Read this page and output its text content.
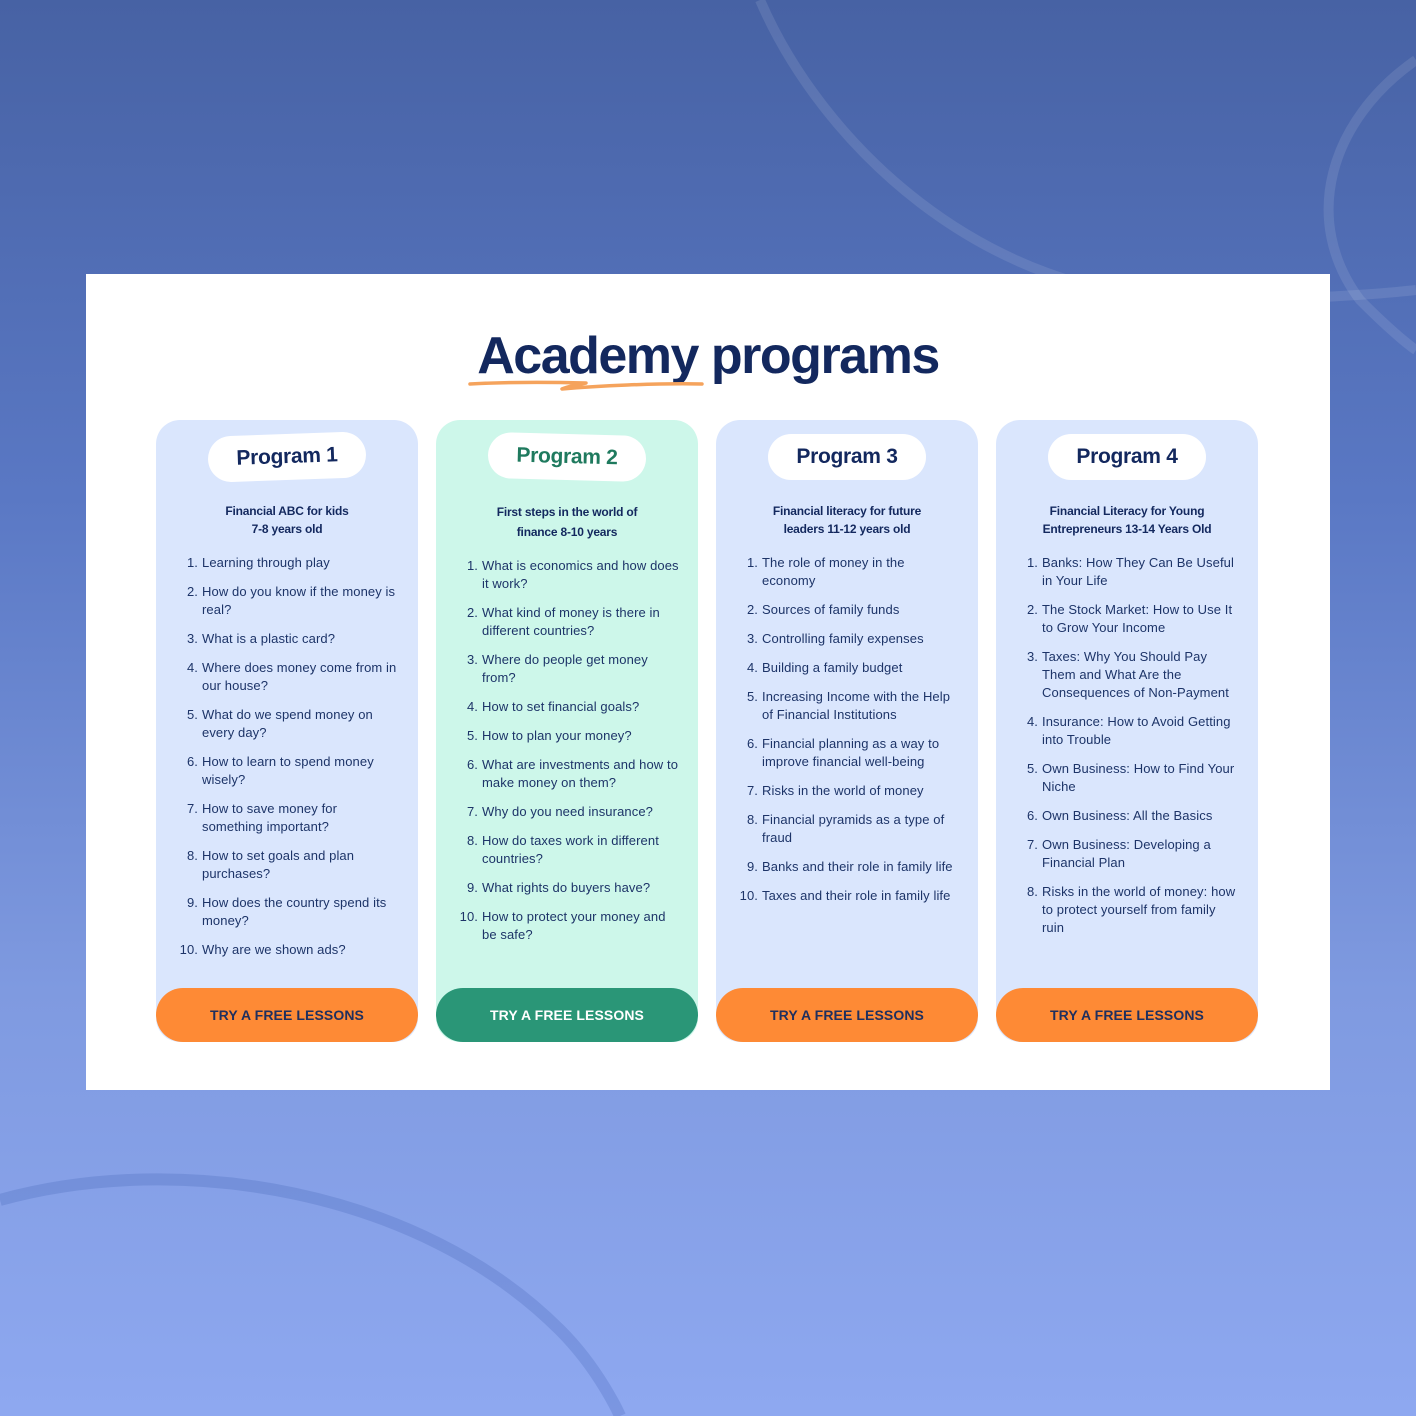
Academy programs
Program 1
Financial ABC for kids
7-8 years old
1. Learning through play
2. How do you know if the money is real?
3. What is a plastic card?
4. Where does money come from in our house?
5. What do we spend money on every day?
6. How to learn to spend money wisely?
7. How to save money for something important?
8. How to set goals and plan purchases?
9. How does the country spend its money?
10. Why are we shown ads?
TRY A FREE LESSONS
Program 2
First steps in the world of
finance 8-10 years
1. What is economics and how does it work?
2. What kind of money is there in different countries?
3. Where do people get money from?
4. How to set financial goals?
5. How to plan your money?
6. What are investments and how to make money on them?
7. Why do you need insurance?
8. How do taxes work in different countries?
9. What rights do buyers have?
10. How to protect your money and be safe?
TRY A FREE LESSONS
Program 3
Financial literacy for future
leaders 11-12 years old
1. The role of money in the economy
2. Sources of family funds
3. Controlling family expenses
4. Building a family budget
5. Increasing Income with the Help of Financial Institutions
6. Financial planning as a way to improve financial well-being
7. Risks in the world of money
8. Financial pyramids as a type of fraud
9. Banks and their role in family life
10. Taxes and their role in family life
TRY A FREE LESSONS
Program 4
Financial Literacy for Young
Entrepreneurs 13-14 Years Old
1. Banks: How They Can Be Useful in Your Life
2. The Stock Market: How to Use It to Grow Your Income
3. Taxes: Why You Should Pay Them and What Are the Consequences of Non-Payment
4. Insurance: How to Avoid Getting into Trouble
5. Own Business: How to Find Your Niche
6. Own Business: All the Basics
7. Own Business: Developing a Financial Plan
8. Risks in the world of money: how to protect yourself from family ruin
TRY A FREE LESSONS
